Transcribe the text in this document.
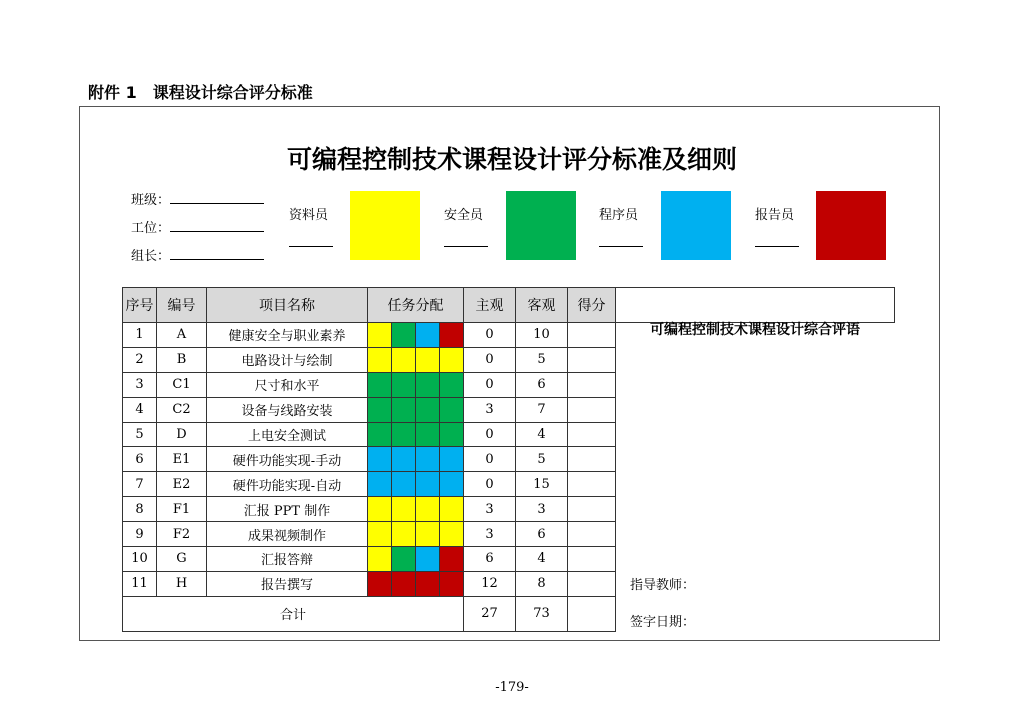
附件 1　课程设计综合评分标准
可编程控制技术课程设计评分标准及细则
班级：
工位：
组长：
资料员	安全员	程序员	报告员
序号	编号	项目名称	任务分配				主观	客观	得分	可编程控制技术课程设计综合评语
指导教师：
签字日期：

1	A	健康安全与职业素养					0	10		
2	B	电路设计与绘制					0	5		
3	C1	尺寸和水平					0	6		
4	C2	设备与线路安装					3	7		
5	D	上电安全测试					0	4		
6	E1	硬件功能实现-手动					0	5		
7	E2	硬件功能实现-自动					0	15		
8	F1	汇报 PPT 制作					3	3		
9	F2	成果视频制作					3	6		
10	G	汇报答辩					6	4		
11	H	报告撰写					12	8		
合计							27	73		
-179-
